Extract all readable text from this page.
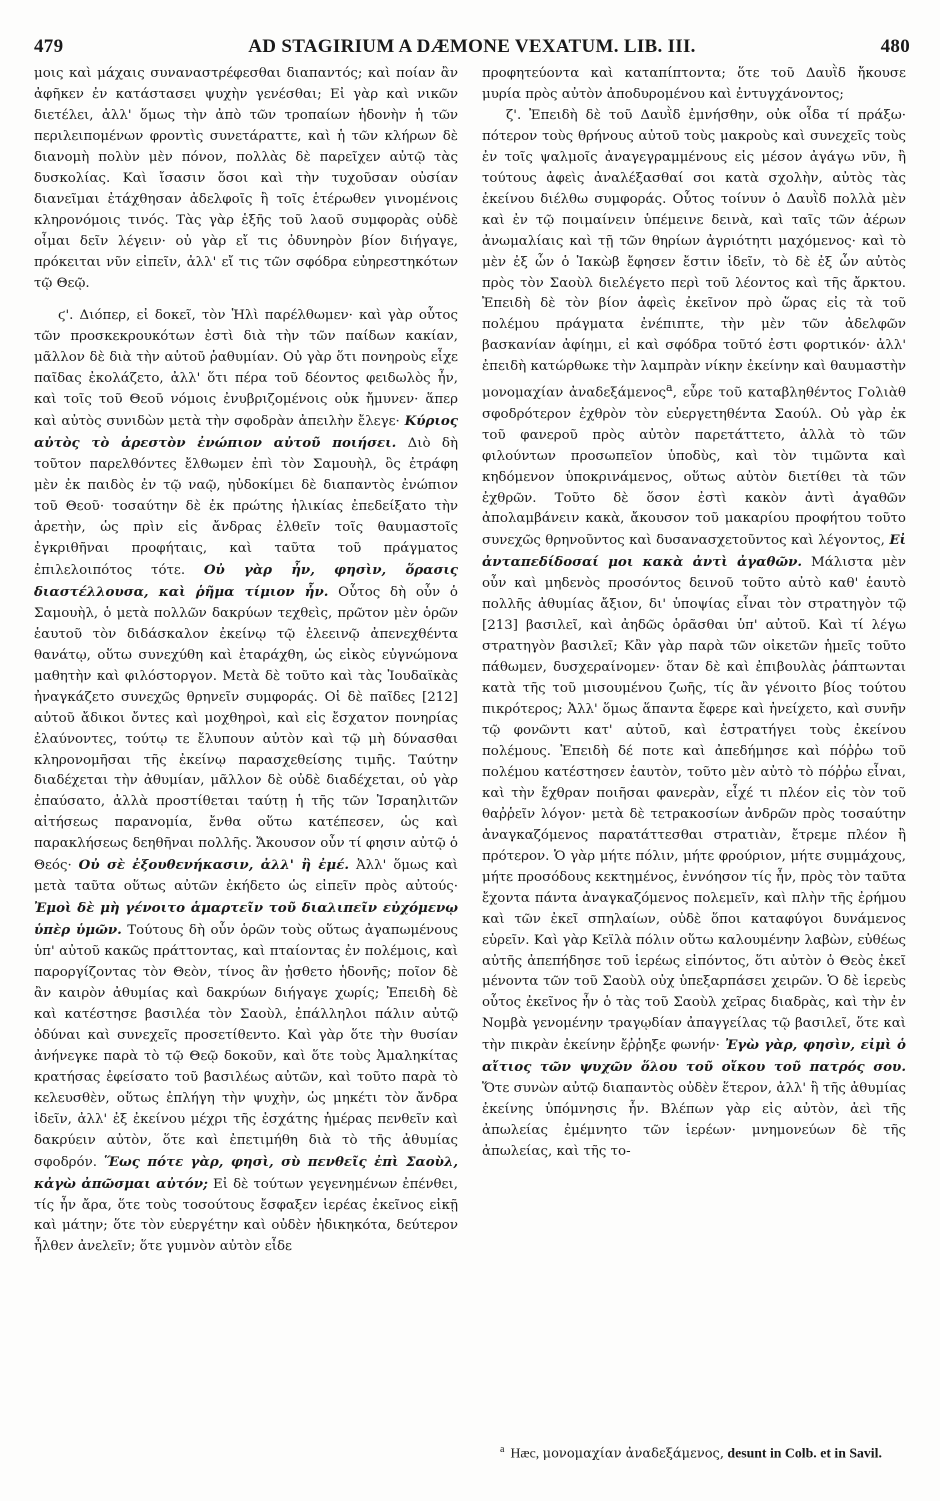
479	AD STAGIRIUM A DÆMONE VEXATUM. LIB. III.	480

μοις καὶ μάχαις συναναστρέφεσθαι διαπαντός; καὶ ποίαν ἂν ἀφῆκεν ἐν κατάστασει ψυχὴν γενέσθαι; Εἰ γὰρ καὶ νικῶν διετέλει, ἀλλ' ὅμως τὴν ἀπὸ τῶν τροπαίων ἡδονὴν ἡ τῶν περιλειπομένων φροντὶς συνετάραττε, καὶ ἡ τῶν κλήρων δὲ διανομὴ πολὺν μὲν πόνον, πολλὰς δὲ παρεῖχεν αὐτῷ τὰς δυσκολίας. Καὶ ἴσασιν ὅσοι καὶ τὴν τυχοῦσαν οὐσίαν διανεῖμαι ἐτάχθησαν ἀδελφοῖς ἢ τοῖς ἑτέρωθεν γινομένοις κληρονόμοις τινός. Τὰς γὰρ ἑξῆς τοῦ λαοῦ συμφορὰς οὐδὲ οἶμαι δεῖν λέγειν· οὐ γὰρ εἴ τις ὀδυνηρὸν βίον διήγαγε, πρόκειται νῦν εἰπεῖν, ἀλλ' εἴ τις τῶν σφόδρα εὐηρεστηκότων τῷ Θεῷ.

ϛ'. Διόπερ, εἰ δοκεῖ, τὸν Ἡλὶ παρέλθωμεν· καὶ γὰρ οὗτος τῶν προσκεκρουκότων ἐστὶ διὰ τὴν τῶν παίδων κακίαν, μᾶλλον δὲ διὰ τὴν αὑτοῦ ῥαθυμίαν. Οὐ γὰρ ὅτι πονηροὺς εἶχε παῖδας ἐκολάζετο, ἀλλ' ὅτι πέρα τοῦ δέοντος φειδωλὸς ἦν, καὶ τοῖς τοῦ Θεοῦ νόμοις ἐνυβριζομένοις οὐκ ἤμυνεν· ἅπερ καὶ αὐτὸς συνιδὼν μετὰ τὴν σφοδρὰν ἀπειλὴν ἔλεγε· Κύριος αὐτὸς τὸ ἀρεστὸν ἐνώπιον αὐτοῦ ποιήσει. Διὸ δὴ τοῦτον παρελθόντες ἔλθωμεν ἐπὶ τὸν Σαμουὴλ, ὃς ἐτράφη μὲν ἐκ παιδὸς ἐν τῷ ναῷ, ηὐδοκίμει δὲ διαπαντὸς ἐνώπιον τοῦ Θεοῦ· τοσαύτην δὲ ἐκ πρώτης ἡλικίας ἐπεδείξατο τὴν ἀρετὴν, ὡς πρὶν εἰς ἄνδρας ἐλθεῖν τοῖς θαυμαστοῖς ἐγκριθῆναι προφήταις, καὶ ταῦτα τοῦ πράγματος ἐπιλελοιπότος τότε. Οὐ γὰρ ἦν, φησὶν, ὅρασις διαστέλλουσα, καὶ ῥῆμα τίμιον ἦν. Οὗτος δὴ οὖν ὁ Σαμουὴλ, ὁ μετὰ πολλῶν δακρύων τεχθεὶς, πρῶτον μὲν ὁρῶν ἑαυτοῦ τὸν διδάσκαλον ἐκείνῳ τῷ ἐλεεινῷ ἀπενεχθέντα θανάτῳ, οὕτω συνεχύθη καὶ ἐταράχθη, ὡς εἰκὸς εὐγνώμονα μαθητὴν καὶ φιλόστοργον. Μετὰ δὲ τοῦτο καὶ τὰς Ἰουδαϊκὰς ἠναγκάζετο συνεχῶς θρηνεῖν συμφοράς. Οἱ δὲ παῖδες [212] αὐτοῦ ἄδικοι ὄντες καὶ μοχθηροὶ, καὶ εἰς ἔσχατον πονηρίας ἐλαύνοντες, τούτῳ τε ἔλυπουν αὐτὸν καὶ τῷ μὴ δύνασθαι κληρονομῆσαι τῆς ἐκείνῳ παρασχεθείσης τιμῆς. Ταύτην διαδέχεται τὴν ἀθυμίαν, μᾶλλον δὲ οὐδὲ διαδέχεται, οὐ γὰρ ἐπαύσατο, ἀλλὰ προστίθεται ταύτῃ ἡ τῆς τῶν Ἰσραηλιτῶν αἰτήσεως παρανομία, ἔνθα οὕτω κατέπεσεν, ὡς καὶ παρακλήσεως δεηθῆναι πολλῆς. Ἄκουσον οὖν τί φησιν αὐτῷ ὁ Θεός· Οὐ σὲ ἐξουθενήκασιν, ἀλλ' ἢ ἐμέ. Ἀλλ' ὅμως καὶ μετὰ ταῦτα οὕτως αὐτῶν ἐκήδετο ὡς εἰπεῖν πρὸς αὐτούς· Ἐμοὶ δὲ μὴ γένοιτο ἁμαρτεῖν τοῦ διαλιπεῖν εὐχόμενῳ ὑπὲρ ὑμῶν. Τούτους δὴ οὖν ὁρῶν τοὺς οὕτως ἀγαπωμένους ὑπ' αὐτοῦ κακῶς πράττοντας, καὶ πταίοντας ἐν πολέμοις, καὶ παροργίζοντας τὸν Θεὸν, τίνος ἂν ᾐσθετο ἡδονῆς; ποῖον δὲ ἂν καιρὸν ἀθυμίας καὶ δακρύων διήγαγε χωρίς; Ἐπειδὴ δὲ καὶ κατέστησε βασιλέα τὸν Σαοὺλ, ἐπάλληλοι πάλιν αὐτῷ ὀδύναι καὶ συνεχεῖς προσετίθεντο. Καὶ γὰρ ὅτε τὴν θυσίαν ἀνήνεγκε παρὰ τὸ τῷ Θεῷ δοκοῦν, καὶ ὅτε τοὺς Ἀμαληκίτας κρατήσας ἐφείσατο τοῦ βασιλέως αὐτῶν, καὶ τοῦτο παρὰ τὸ κελευσθὲν, οὕτως ἐπλήγη τὴν ψυχὴν, ὡς μηκέτι τὸν ἄνδρα ἰδεῖν, ἀλλ' ἐξ ἐκείνου μέχρι τῆς ἐσχάτης ἡμέρας πενθεῖν καὶ δακρύειν αὐτὸν, ὅτε καὶ ἐπετιμήθη διὰ τὸ τῆς ἀθυμίας σφοδρόν. Ἕως πότε γὰρ, φησὶ, σὺ πενθεῖς ἐπὶ Σαοὺλ, κἀγὼ ἀπῶσμαι αὐτόν; Εἰ δὲ τούτων γεγενημένων ἐπένθει, τίς ἦν ἄρα, ὅτε τοὺς τοσούτους ἔσφαξεν ἱερέας ἐκεῖνος εἰκῇ καὶ μάτην; ὅτε τὸν εὐεργέτην καὶ οὐδὲν ἠδικηκότα, δεύτερον ἦλθεν ἀνελεῖν; ὅτε γυμνὸν αὐτὸν εἶδε

προφητεύοντα καὶ καταπίπτοντα; ὅτε τοῦ Δαυῒδ ἤκουσε μυρία πρὸς αὐτὸν ἀποδυρομένου καὶ ἐντυγχάνοντος;

ζ'. Ἐπειδὴ δὲ τοῦ Δαυῒδ ἐμνήσθην, οὐκ οἶδα τί πράξω· πότερον τοὺς θρήνους αὐτοῦ τοὺς μακροὺς καὶ συνεχεῖς τοὺς ἐν τοῖς ψαλμοῖς ἀναγεγραμμένους εἰς μέσον ἀγάγω νῦν, ἢ τούτους ἀφεὶς ἀναλέξασθαί σοι κατὰ σχολὴν, αὐτὸς τὰς ἐκείνου διέλθω συμφοράς. Οὗτος τοίνυν ὁ Δαυῒδ πολλὰ μὲν καὶ ἐν τῷ ποιμαίνειν ὑπέμεινε δεινὰ, καὶ ταῖς τῶν ἀέρων ἀνωμαλίαις καὶ τῇ τῶν θηρίων ἀγριότητι μαχόμενος· καὶ τὸ μὲν ἐξ ὧν ὁ Ἰακὼβ ἔφησεν ἔστιν ἰδεῖν, τὸ δὲ ἐξ ὧν αὐτὸς πρὸς τὸν Σαοὺλ διελέγετο περὶ τοῦ λέοντος καὶ τῆς ἄρκτου. Ἐπειδὴ δὲ τὸν βίον ἀφεὶς ἐκεῖνον πρὸ ὥρας εἰς τὰ τοῦ πολέμου πράγματα ἐνέπιπτε, τὴν μὲν τῶν ἀδελφῶν βασκανίαν ἀφίημι, εἰ καὶ σφόδρα τοῦτό ἐστι φορτικόν· ἀλλ' ἐπειδὴ κατώρθωκε τὴν λαμπρὰν νίκην ἐκείνην καὶ θαυμαστὴν μονομαχίαν ἀναδεξάμενος$^a$, εὗρε τοῦ καταβληθέντος Γολιὰθ σφοδρότερον ἐχθρὸν τὸν εὐεργετηθέντα Σαούλ. Οὐ γὰρ ἐκ τοῦ φανεροῦ πρὸς αὐτὸν παρετάττετο, ἀλλὰ τὸ τῶν φιλούντων προσωπεῖον ὑποδὺς, καὶ τὸν τιμῶντα καὶ κηδόμενον ὑποκρινάμενος, οὕτως αὐτὸν διετίθει τὰ τῶν ἐχθρῶν. Τοῦτο δὲ ὅσον ἐστὶ κακὸν ἀντὶ ἀγαθῶν ἀπολαμβάνειν κακὰ, ἄκουσον τοῦ μακαρίου προφήτου τοῦτο συνεχῶς θρηνοῦντος καὶ δυσανασχετοῦντος καὶ λέγοντος, Εἰ ἀνταπεδίδοσαί μοι κακὰ ἀντὶ ἀγαθῶν. Μάλιστα μὲν οὖν καὶ μηδενὸς προσόντος δεινοῦ τοῦτο αὐτὸ καθ' ἑαυτὸ πολλῆς ἀθυμίας ἄξιον, δι' ὑποψίας εἶναι τὸν στρατηγὸν τῷ [213] βασιλεῖ, καὶ ἀηδῶς ὁρᾶσθαι ὑπ' αὐτοῦ. Καὶ τί λέγω στρατηγὸν βασιλεῖ; Κἂν γὰρ παρὰ τῶν οἰκετῶν ἡμεῖς τοῦτο πάθωμεν, δυσχεραίνομεν· ὅταν δὲ καὶ ἐπιβουλὰς ῥάπτωνται κατὰ τῆς τοῦ μισουμένου ζωῆς, τίς ἂν γένοιτο βίος τούτου πικρότερος; Ἀλλ' ὅμως ἅπαντα ἔφερε καὶ ἠνείχετο, καὶ συνῆν τῷ φονῶντι κατ' αὐτοῦ, καὶ ἐστρατήγει τοὺς ἐκείνου πολέμους. Ἐπειδὴ δέ ποτε καὶ ἀπεδήμησε καὶ πόῤῥω τοῦ πολέμου κατέστησεν ἑαυτὸν, τοῦτο μὲν αὐτὸ τὸ πόῤῥω εἶναι, καὶ τὴν ἔχθραν ποιῆσαι φανερὰν, εἶχέ τι πλέον εἰς τὸν τοῦ θαῤῥεῖν λόγον· μετὰ δὲ τετρακοσίων ἀνδρῶν πρὸς τοσαύτην ἀναγκαζόμενος παρατάττεσθαι στρατιὰν, ἔτρεμε πλέον ἢ πρότερον. Ὁ γὰρ μήτε πόλιν, μήτε φρούριον, μήτε συμμάχους, μήτε προσόδους κεκτημένος, ἐννόησον τίς ἦν, πρὸς τὸν ταῦτα ἔχοντα πάντα ἀναγκαζόμενος πολεμεῖν, καὶ πλὴν τῆς ἐρήμου καὶ τῶν ἐκεῖ σπηλαίων, οὐδὲ ὅποι καταφύγοι δυνάμενος εὑρεῖν. Καὶ γὰρ Κεϊλὰ πόλιν οὕτω καλουμένην λαβὼν, εὐθέως αὐτῆς ἀπεπήδησε τοῦ ἱερέως εἰπόντος, ὅτι αὐτὸν ὁ Θεὸς ἐκεῖ μένοντα τῶν τοῦ Σαοὺλ οὐχ ὑπεξαρπάσει χειρῶν. Ὁ δὲ ἱερεὺς οὗτος ἐκεῖνος ἦν ὁ τὰς τοῦ Σαοὺλ χεῖρας διαδρὰς, καὶ τὴν ἐν Νομβὰ γενομένην τραγῳδίαν ἀπαγγείλας τῷ βασιλεῖ, ὅτε καὶ τὴν πικρὰν ἐκείνην ἔῤῥηξε φωνήν· Ἐγὼ γὰρ, φησὶν, εἰμὶ ὁ αἴτιος τῶν ψυχῶν ὅλου τοῦ οἴκου τοῦ πατρός σου. Ὅτε συνὼν αὐτῷ διαπαντὸς οὐδὲν ἕτερον, ἀλλ' ἢ τῆς ἀθυμίας ἐκείνης ὑπόμνησις ἦν. Βλέπων γὰρ εἰς αὐτὸν, ἀεὶ τῆς ἀπωλείας ἐμέμνητο τῶν ἱερέων· μνημονεύων δὲ τῆς ἀπωλείας, καὶ τῆς το-

$^a$ Hæc, μονομαχίαν ἀναδεξάμενος, desunt in Colb. et in Savil.
